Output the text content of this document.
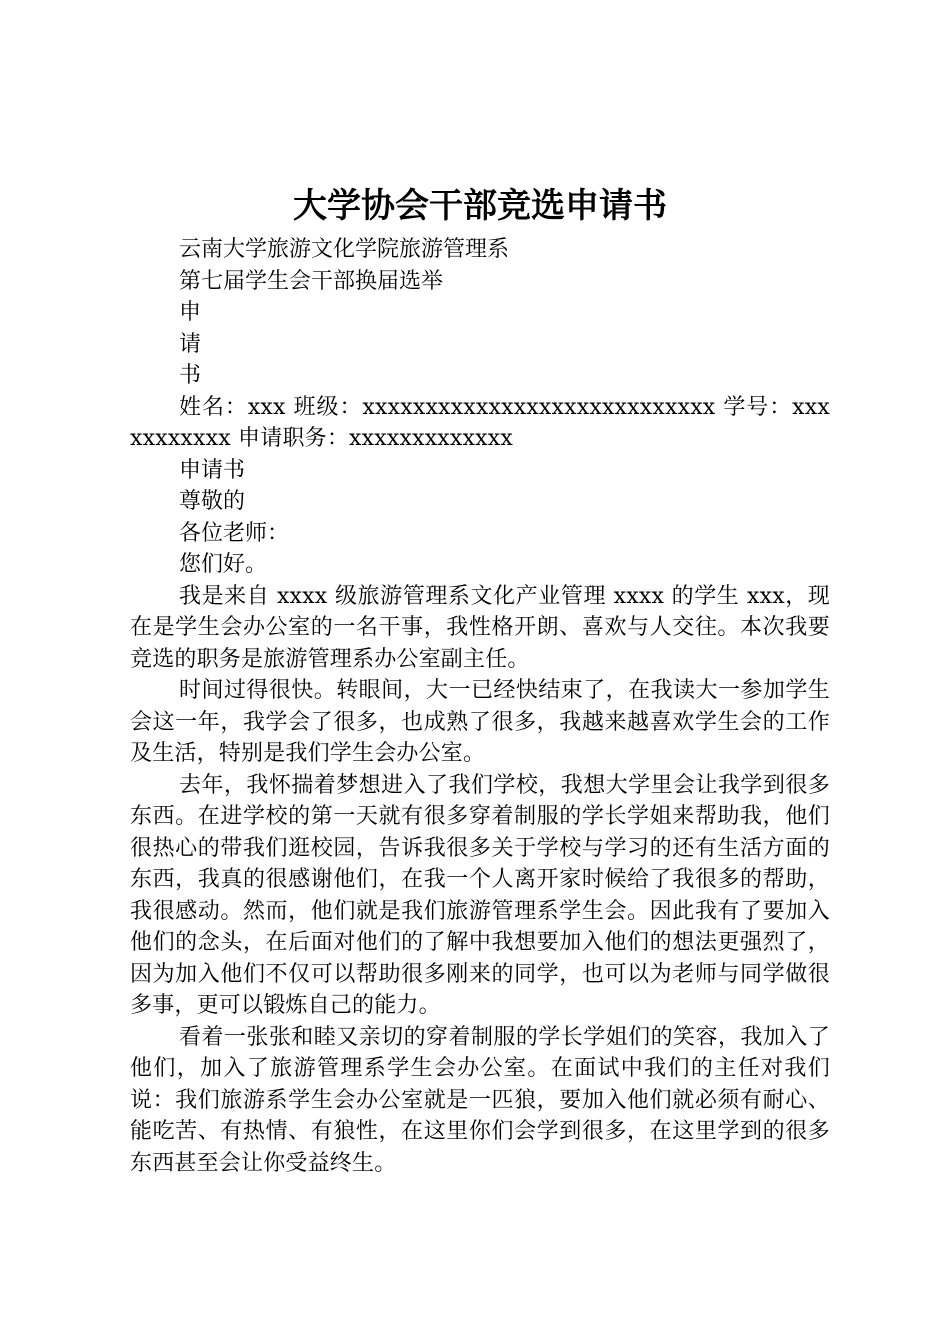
大学协会干部竞选申请书

云南大学旅游文化学院旅游管理系

第七届学生会干部换届选举

申

请

书

姓名：xxx 班级：xxxxxxxxxxxxxxxxxxxxxxxxxxxx 学号：xxxxxxxxxxx 申请职务：xxxxxxxxxxxxx

申请书

尊敬的

各位老师：

您们好。

我是来自 xxxx 级旅游管理系文化产业管理 xxxx 的学生 xxx，现在是学生会办公室的一名干事，我性格开朗、喜欢与人交往。本次我要竞选的职务是旅游管理系办公室副主任。

时间过得很快。转眼间，大一已经快结束了，在我读大一参加学生会这一年，我学会了很多，也成熟了很多，我越来越喜欢学生会的工作及生活，特别是我们学生会办公室。

去年，我怀揣着梦想进入了我们学校，我想大学里会让我学到很多东西。在进学校的第一天就有很多穿着制服的学长学姐来帮助我，他们很热心的带我们逛校园，告诉我很多关于学校与学习的还有生活方面的东西，我真的很感谢他们，在我一个人离开家时候给了我很多的帮助，我很感动。然而，他们就是我们旅游管理系学生会。因此我有了要加入他们的念头，在后面对他们的了解中我想要加入他们的想法更强烈了，因为加入他们不仅可以帮助很多刚来的同学，也可以为老师与同学做很多事，更可以锻炼自己的能力。

看着一张张和睦又亲切的穿着制服的学长学姐们的笑容，我加入了他们，加入了旅游管理系学生会办公室。在面试中我们的主任对我们说：我们旅游系学生会办公室就是一匹狼，要加入他们就必须有耐心、能吃苦、有热情、有狼性，在这里你们会学到很多，在这里学到的很多东西甚至会让你受益终生。
